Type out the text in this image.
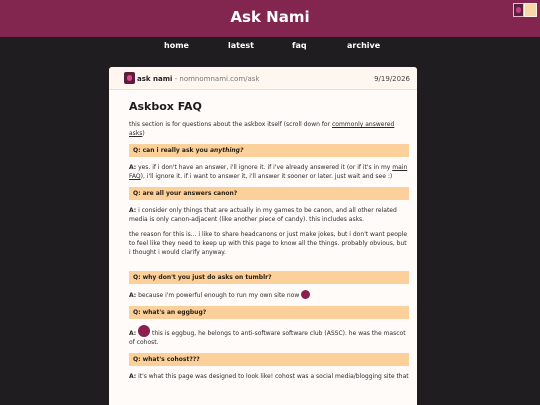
Ask Nami
home	latest	faq	archive
ask nami - nomnomnami.com/ask	9/19/2026
Askbox FAQ
this section is for questions about the askbox itself (scroll down for commonly answered asks)
Q: can i really ask you anything?
A: yes. if i don't have an answer, i'll ignore it. if i've already answered it (or if it's in my main FAQ), i'll ignore it. if i want to answer it, i'll answer it sooner or later. just wait and see :)
Q: are all your answers canon?
A: i consider only things that are actually in my games to be canon, and all other related media is only canon-adjacent (like another piece of candy). this includes asks.
the reason for this is... i like to share headcanons or just make jokes, but i don't want people to feel like they need to keep up with this page to know all the things. probably obvious, but i thought i would clarify anyway.
Q: why don't you just do asks on tumblr?
A: because i'm powerful enough to run my own site now
Q: what's an eggbug?
A:  this is eggbug, he belongs to anti-software software club (ASSC). he was the mascot of cohost.
Q: what's cohost???
A: it's what this page was designed to look like! cohost was a social media/blogging site that
